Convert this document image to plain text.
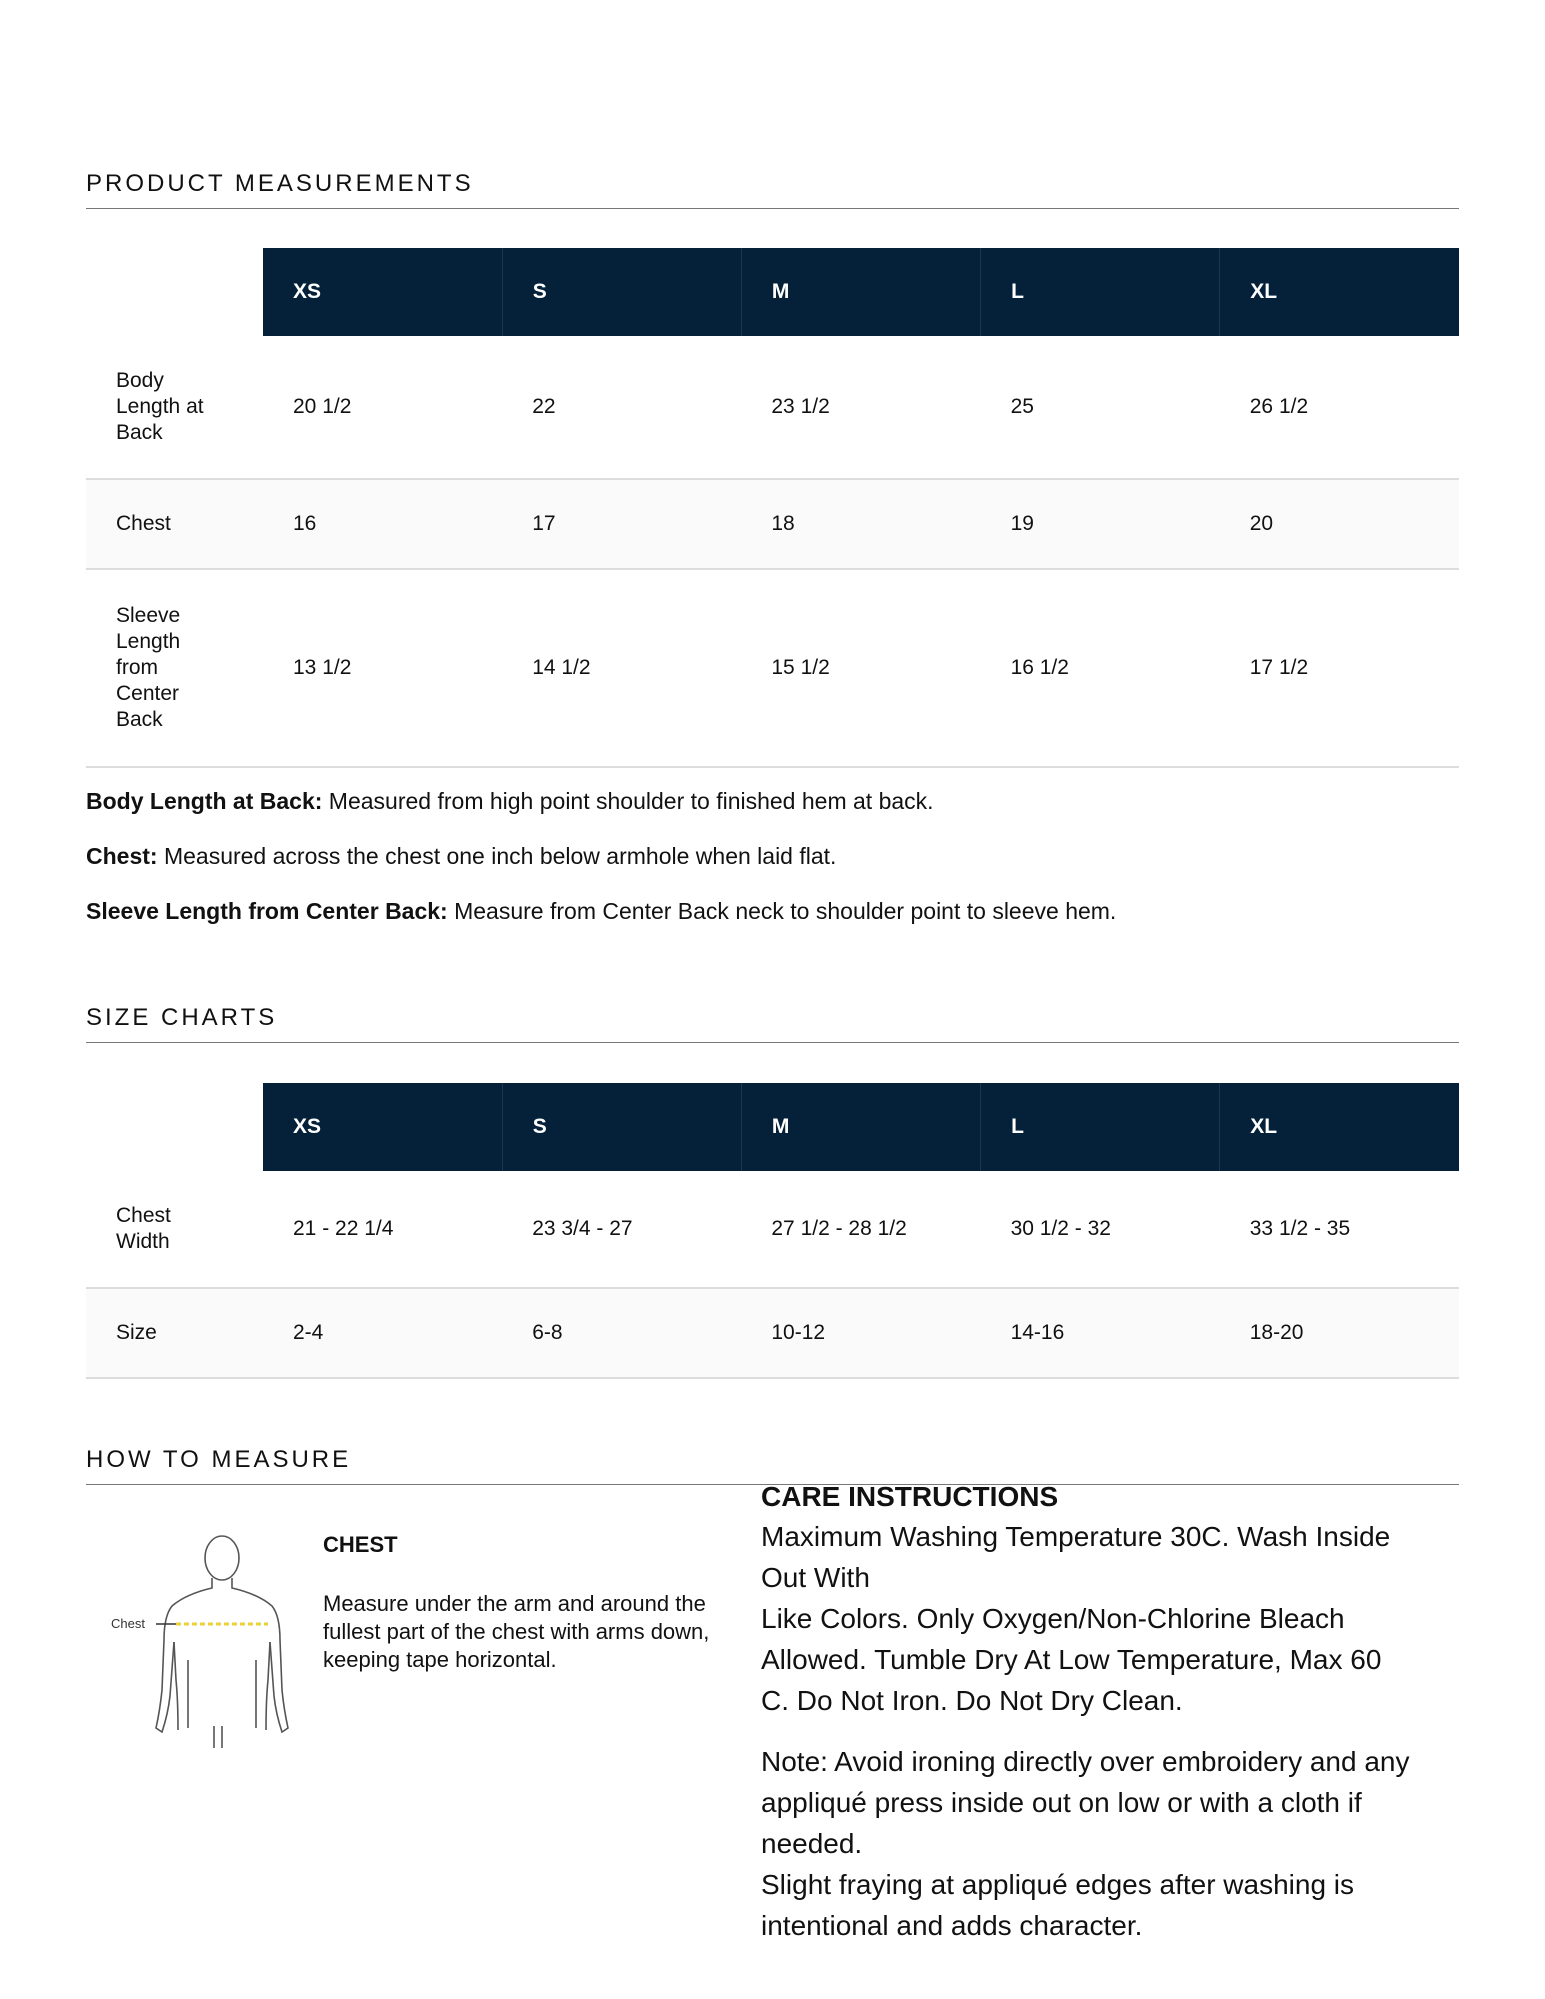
PRODUCT MEASUREMENTS
	XS	S	M	L	XL

Body Length at Back	20 1/2	22	23 1/2	25	26 1/2

Chest	16	17	18	19	20

Sleeve Length from Center Back	13 1/2	14 1/2	15 1/2	16 1/2	17 1/2

Body Length at Back: Measured from high point shoulder to finished hem at back.

Chest: Measured across the chest one inch below armhole when laid flat.

Sleeve Length from Center Back: Measure from Center Back neck to shoulder point to sleeve hem.

SIZE CHARTS
	XS	S	M	L	XL

Chest Width	21 - 22 1/4	23 3/4 - 27	27 1/2 - 28 1/2	30 1/2 - 32	33 1/2 - 35

Size	2-4	6-8	10-12	14-16	18-20
HOW TO MEASURE
Chest
CHEST
Measure under the arm and around the fullest part of the chest with arms down, keeping tape horizontal.
CARE INSTRUCTIONS
Maximum Washing Temperature 30C. Wash Inside
Out With
Like Colors. Only Oxygen/Non-Chlorine Bleach
Allowed. Tumble Dry At Low Temperature, Max 60
C. Do Not Iron. Do Not Dry Clean.
Note: Avoid ironing directly over embroidery and any
appliqué press inside out on low or with a cloth if
needed.
Slight fraying at appliqué edges after washing is
intentional and adds character.
